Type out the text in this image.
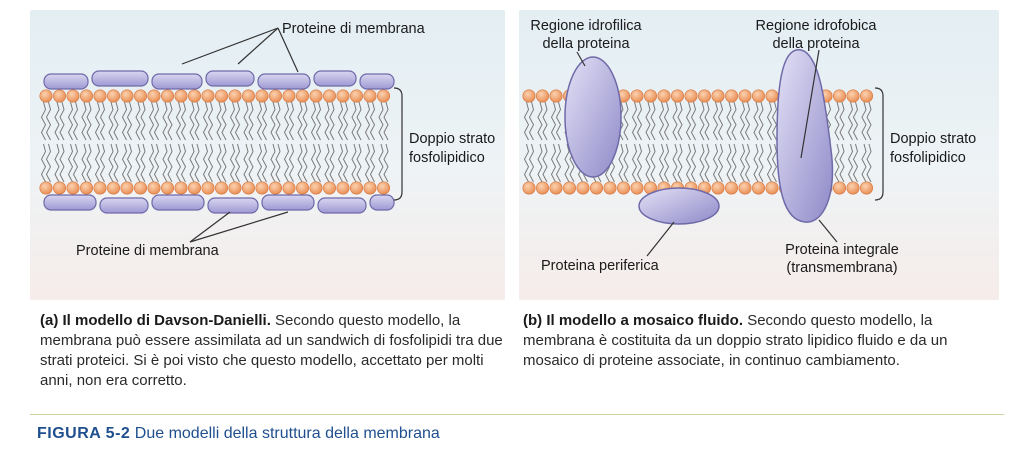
Proteine di membrana
Proteine di membrana
Doppio strato
fosfolipidico
Regione idrofilica
della proteina
Regione idrofobica
della proteina
Doppio strato
fosfolipidico
Proteina integrale
(transmembrana)
Proteina periferica
(a) Il modello di Davson-Danielli. Secondo questo modello, la membrana può essere assimilata ad un sandwich di fosfolipidi tra due strati proteici. Si è poi visto che questo modello, accettato per molti anni, non era corretto.
(b) Il modello a mosaico fluido. Secondo questo modello, la membrana è costituita da un doppio strato lipidico fluido e da un mosaico di proteine associate, in continuo cambiamento.
FIGURA 5-2 Due modelli della struttura della membrana
